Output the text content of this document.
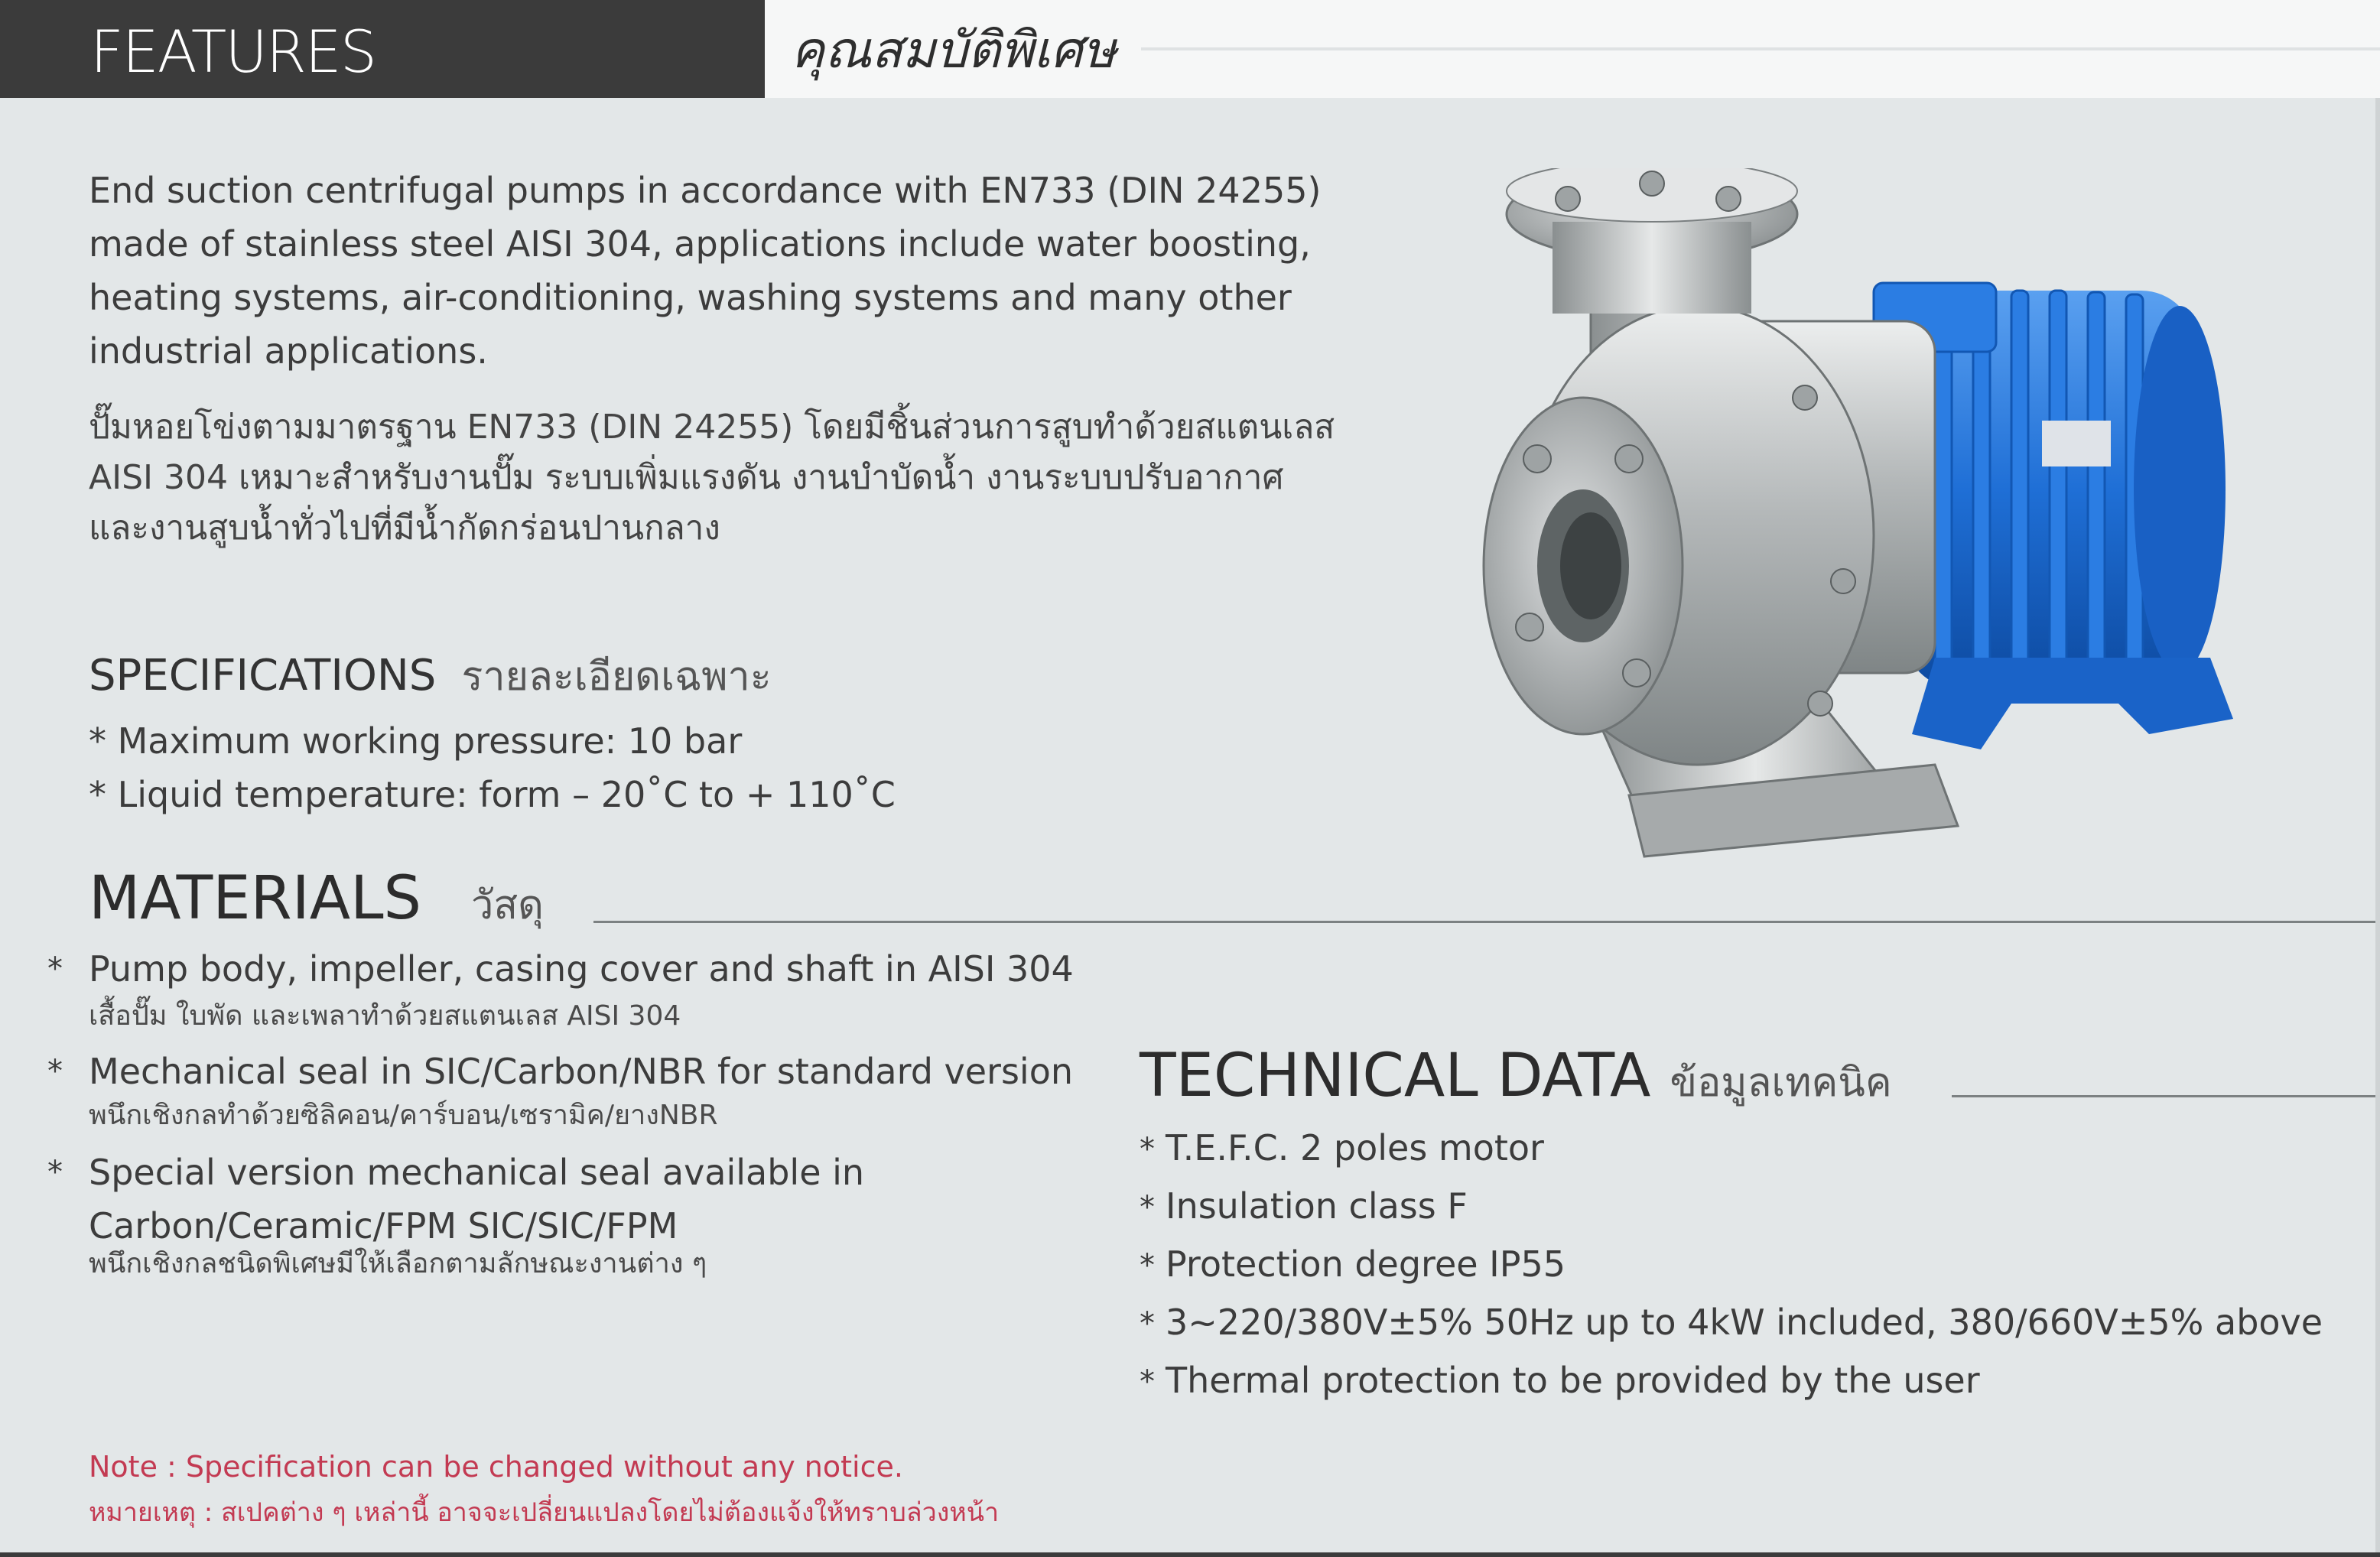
FEATURES	คุณสมบัติพิเศษ
End suction centrifugal pumps in accordance with EN733 (DIN 24255)
made of stainless steel AISI 304, applications include water boosting,
heating systems, air-conditioning, washing systems and many other
industrial applications.
ปั๊มหอยโข่งตามมาตรฐาน EN733 (DIN 24255) โดยมีชิ้นส่วนการสูบทำด้วยสแตนเลส
AISI 304 เหมาะสำหรับงานปั๊ม ระบบเพิ่มแรงดัน งานบำบัดน้ำ งานระบบปรับอากาศ
และงานสูบน้ำทั่วไปที่มีน้ำกัดกร่อนปานกลาง
SPECIFICATIONS รายละเอียดเฉพาะ
* Maximum working pressure: 10 bar
* Liquid temperature: form – 20˚C to + 110˚C
MATERIALS วัสดุ
* Pump body, impeller, casing cover and shaft in AISI 304
เสื้อปั๊ม ใบพัด และเพลาทำด้วยสแตนเลส AISI 304
* Mechanical seal in SIC/Carbon/NBR for standard version
พนึกเชิงกลทำด้วยซิลิคอน/คาร์บอน/เซรามิค/ยางNBR
* Special version mechanical seal available in
Carbon/Ceramic/FPM SIC/SIC/FPM
พนึกเชิงกลชนิดพิเศษมีให้เลือกตามลักษณะงานต่าง ๆ
TECHNICAL DATA ข้อมูลเทคนิค
* T.E.F.C. 2 poles motor
* Insulation class F
* Protection degree IP55
* 3~220/380V±5% 50Hz up to 4kW included, 380/660V±5% above
* Thermal protection to be provided by the user
Note : Specification can be changed without any notice.
หมายเหตุ : สเปคต่าง ๆ เหล่านี้ อาจจะเปลี่ยนแปลงโดยไม่ต้องแจ้งให้ทราบล่วงหน้า
